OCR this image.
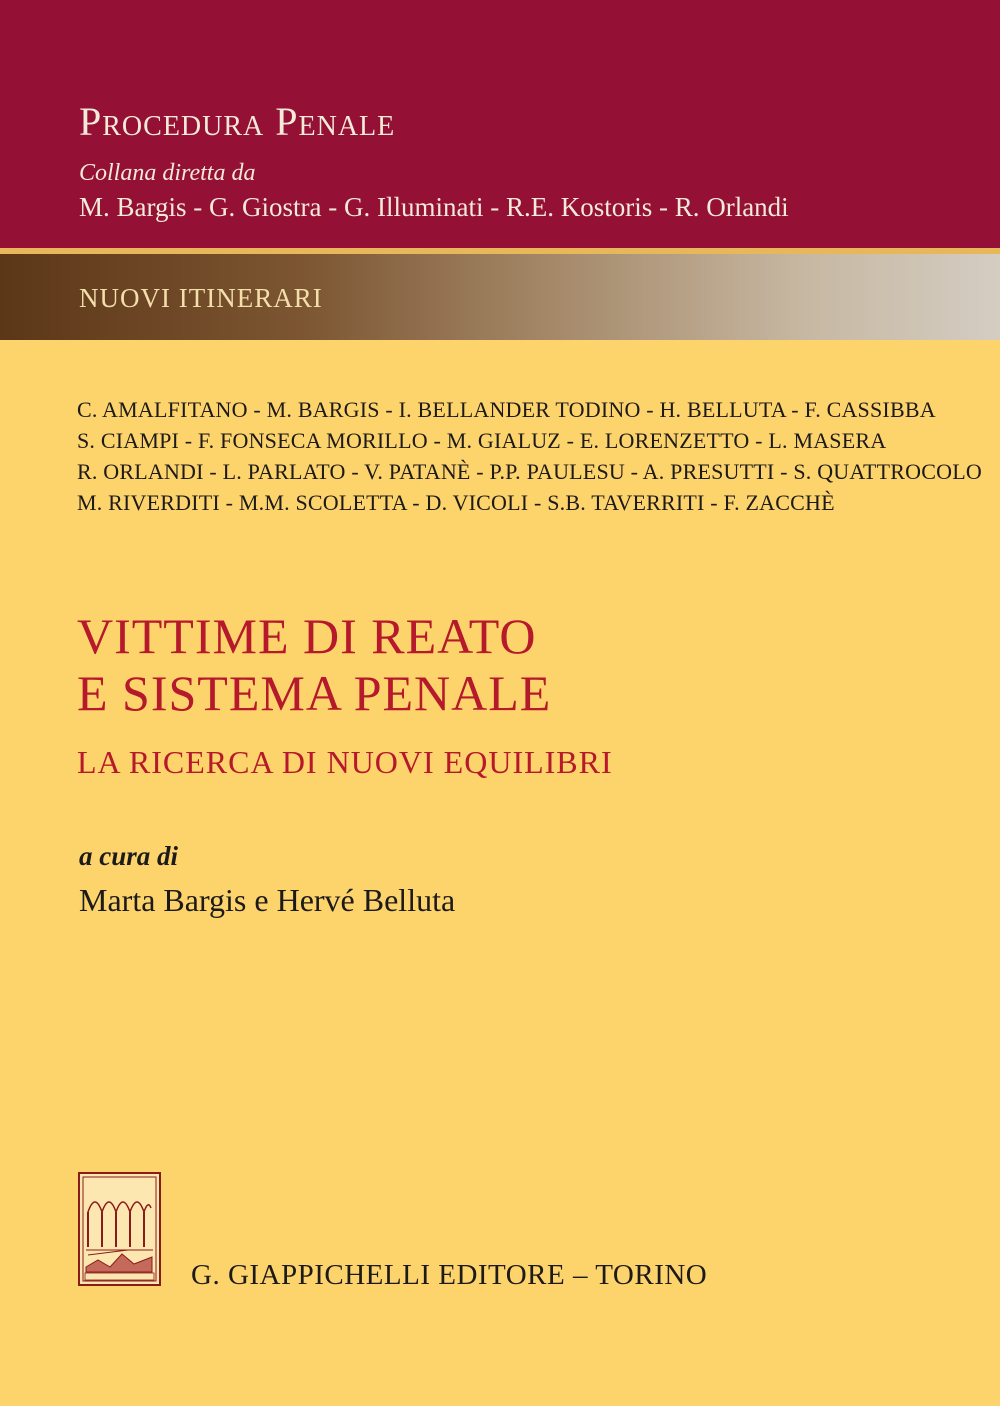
Procedura Penale
Collana diretta da
M. Bargis - G. Giostra - G. Illuminati - R.E. Kostoris - R. Orlandi
NUOVI ITINERARI
C. AMALFITANO - M. BARGIS - I. BELLANDER TODINO - H. BELLUTA - F. CASSIBBA
S. CIAMPI - F. FONSECA MORILLO - M. GIALUZ - E. LORENZETTO - L. MASERA
R. ORLANDI - L. PARLATO - V. PATANÈ - P.P. PAULESU - A. PRESUTTI - S. QUATTROCOLO
M. RIVERDITI - M.M. SCOLETTA - D. VICOLI - S.B. TAVERRITI - F. ZACCHÈ
VITTIME DI REATO
E SISTEMA PENALE
LA RICERCA DI NUOVI EQUILIBRI
a cura di
Marta Bargis e Hervé Belluta
G. GIAPPICHELLI EDITORE – TORINO
